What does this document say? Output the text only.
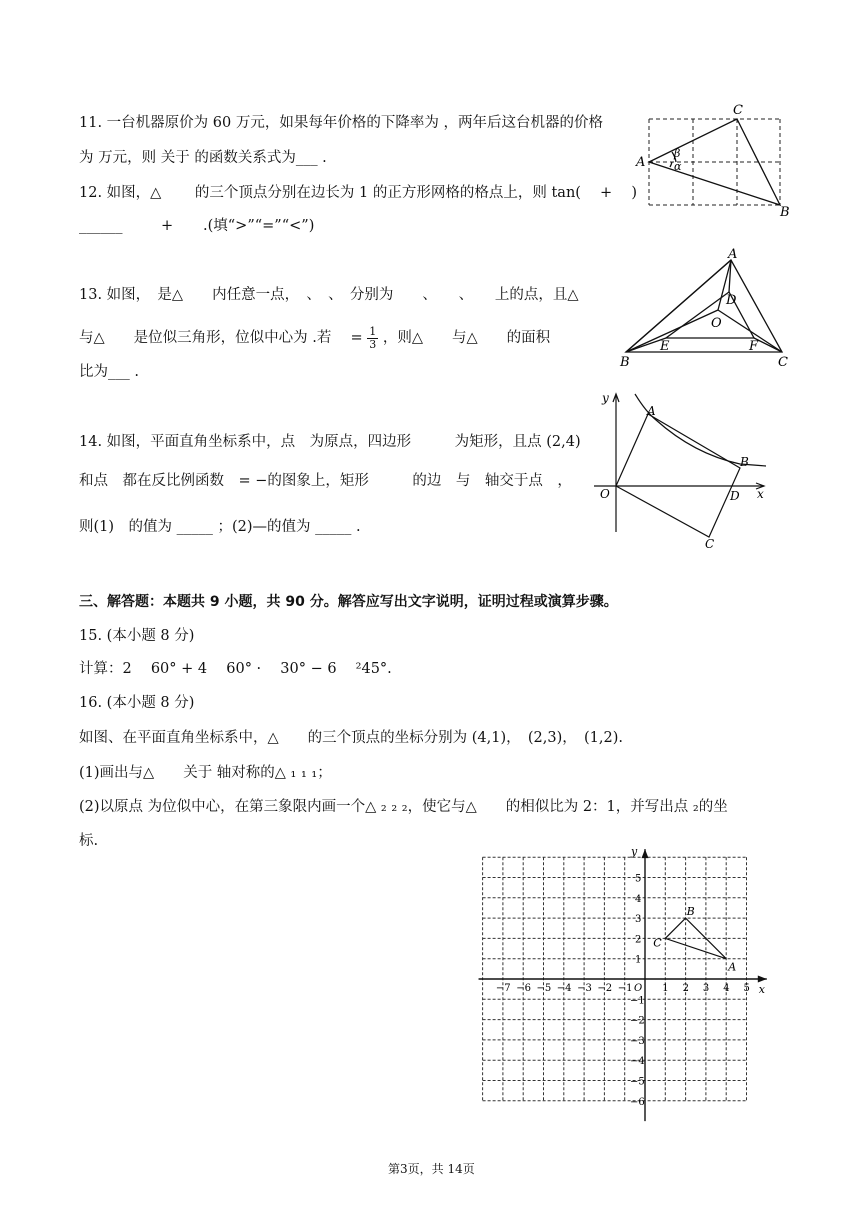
11. 一台机器原价为 60 万元，如果每年价格的下降率为 ，两年后这台机器的价格
为 万元，则 关于 的函数关系式为___ .
12. 如图，△ 　　的三个顶点分别在边长为 1 的正方形网格的格点上，则 tan( 　+ 　)
______	+ .(填“>”“=”“<”)
C
A
B
β
α
13. 如图，　是△　　内任意一点，　、　、　分别为　　、　　、　　上的点，且△
与△　　是位似三角形，位似中心为 .若 　= $\frac{1}{3}$ ，则△　　与△　　的面积
比为___ .
A
D
O
E	F
B	C
14. 如图，平面直角坐标系中，点　为原点，四边形　　　为矩形，且点 (2,4)
和点　都在反比例函数　= −的图象上，矩形　　　的边　与　轴交于点　，
则(1)　的值为 _____ ；(2)—的值为 _____ .
y
x
O
A
B
D
C
三、解答题：本题共 9 小题，共 90 分。解答应写出文字说明，证明过程或演算步骤。
15. (本小题 8 分)
计算：2　 60° + 4　 60° ·　 30° − 6　 ²45°.
16. (本小题 8 分)
如图、在平面直角坐标系中，△　　的三个顶点的坐标分别为 (4,1)，　(2,3)，　(1,2).
(1)画出与△　　关于 轴对称的△ ₁ ₁ ₁；
(2)以原点 为位似中心，在第三象限内画一个△ ₂ ₂ ₂，使它与△　　的相似比为 2：1，并写出点 ₂的坐
标.
x
y
O
−7 −6 −5 −4 −3 −2 −1	1 2 3 4 5
5
4
3
2
1
−1
−2
−3
−4
−5
−6
A
B
C
第3页，共 14页
